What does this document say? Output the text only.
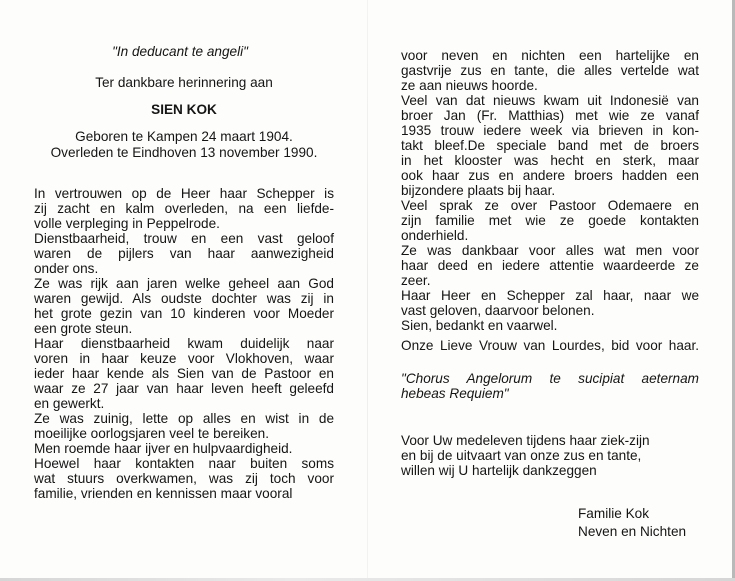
"In deducant te angeli"
Ter dankbare herinnering aan
SIEN KOK
Geboren te Kampen 24 maart 1904.
Overleden te Eindhoven 13 november 1990.
In vertrouwen op de Heer haar Schepper is
zij zacht en kalm overleden, na een liefde-
volle verpleging in Peppelrode.
Dienstbaarheid, trouw en een vast geloof
waren de pijlers van haar aanwezigheid
onder ons.
Ze was rijk aan jaren welke geheel aan God
waren gewijd. Als oudste dochter was zij in
het grote gezin van 10 kinderen voor Moeder
een grote steun.
Haar dienstbaarheid kwam duidelijk naar
voren in haar keuze voor Vlokhoven, waar
ieder haar kende als Sien van de Pastoor en
waar ze 27 jaar van haar leven heeft geleefd
en gewerkt.
Ze was zuinig, lette op alles en wist in de
moeilijke oorlogsjaren veel te bereiken.
Men roemde haar ijver en hulpvaardigheid.
Hoewel haar kontakten naar buiten soms
wat stuurs overkwamen, was zij toch voor
familie, vrienden en kennissen maar vooral
voor neven en nichten een hartelijke en
gastvrije zus en tante, die alles vertelde wat
ze aan nieuws hoorde.
Veel van dat nieuws kwam uit Indonesië van
broer Jan (Fr. Matthias) met wie ze vanaf
1935 trouw iedere week via brieven in kon-
takt bleef.De speciale band met de broers
in het klooster was hecht en sterk, maar
ook haar zus en andere broers hadden een
bijzondere plaats bij haar.
Veel sprak ze over Pastoor Odemaere en
zijn familie met wie ze goede kontakten
onderhield.
Ze was dankbaar voor alles wat men voor
haar deed en iedere attentie waardeerde ze
zeer.
Haar Heer en Schepper zal haar, naar we
vast geloven, daarvoor belonen.
Sien, bedankt en vaarwel.
Onze Lieve Vrouw van Lourdes, bid voor haar.
"Chorus Angelorum te sucipiat aeternam
hebeas Requiem"
Voor Uw medeleven tijdens haar ziek-zijn
en bij de uitvaart van onze zus en tante,
willen wij U hartelijk dankzeggen
Familie Kok
Neven en Nichten
